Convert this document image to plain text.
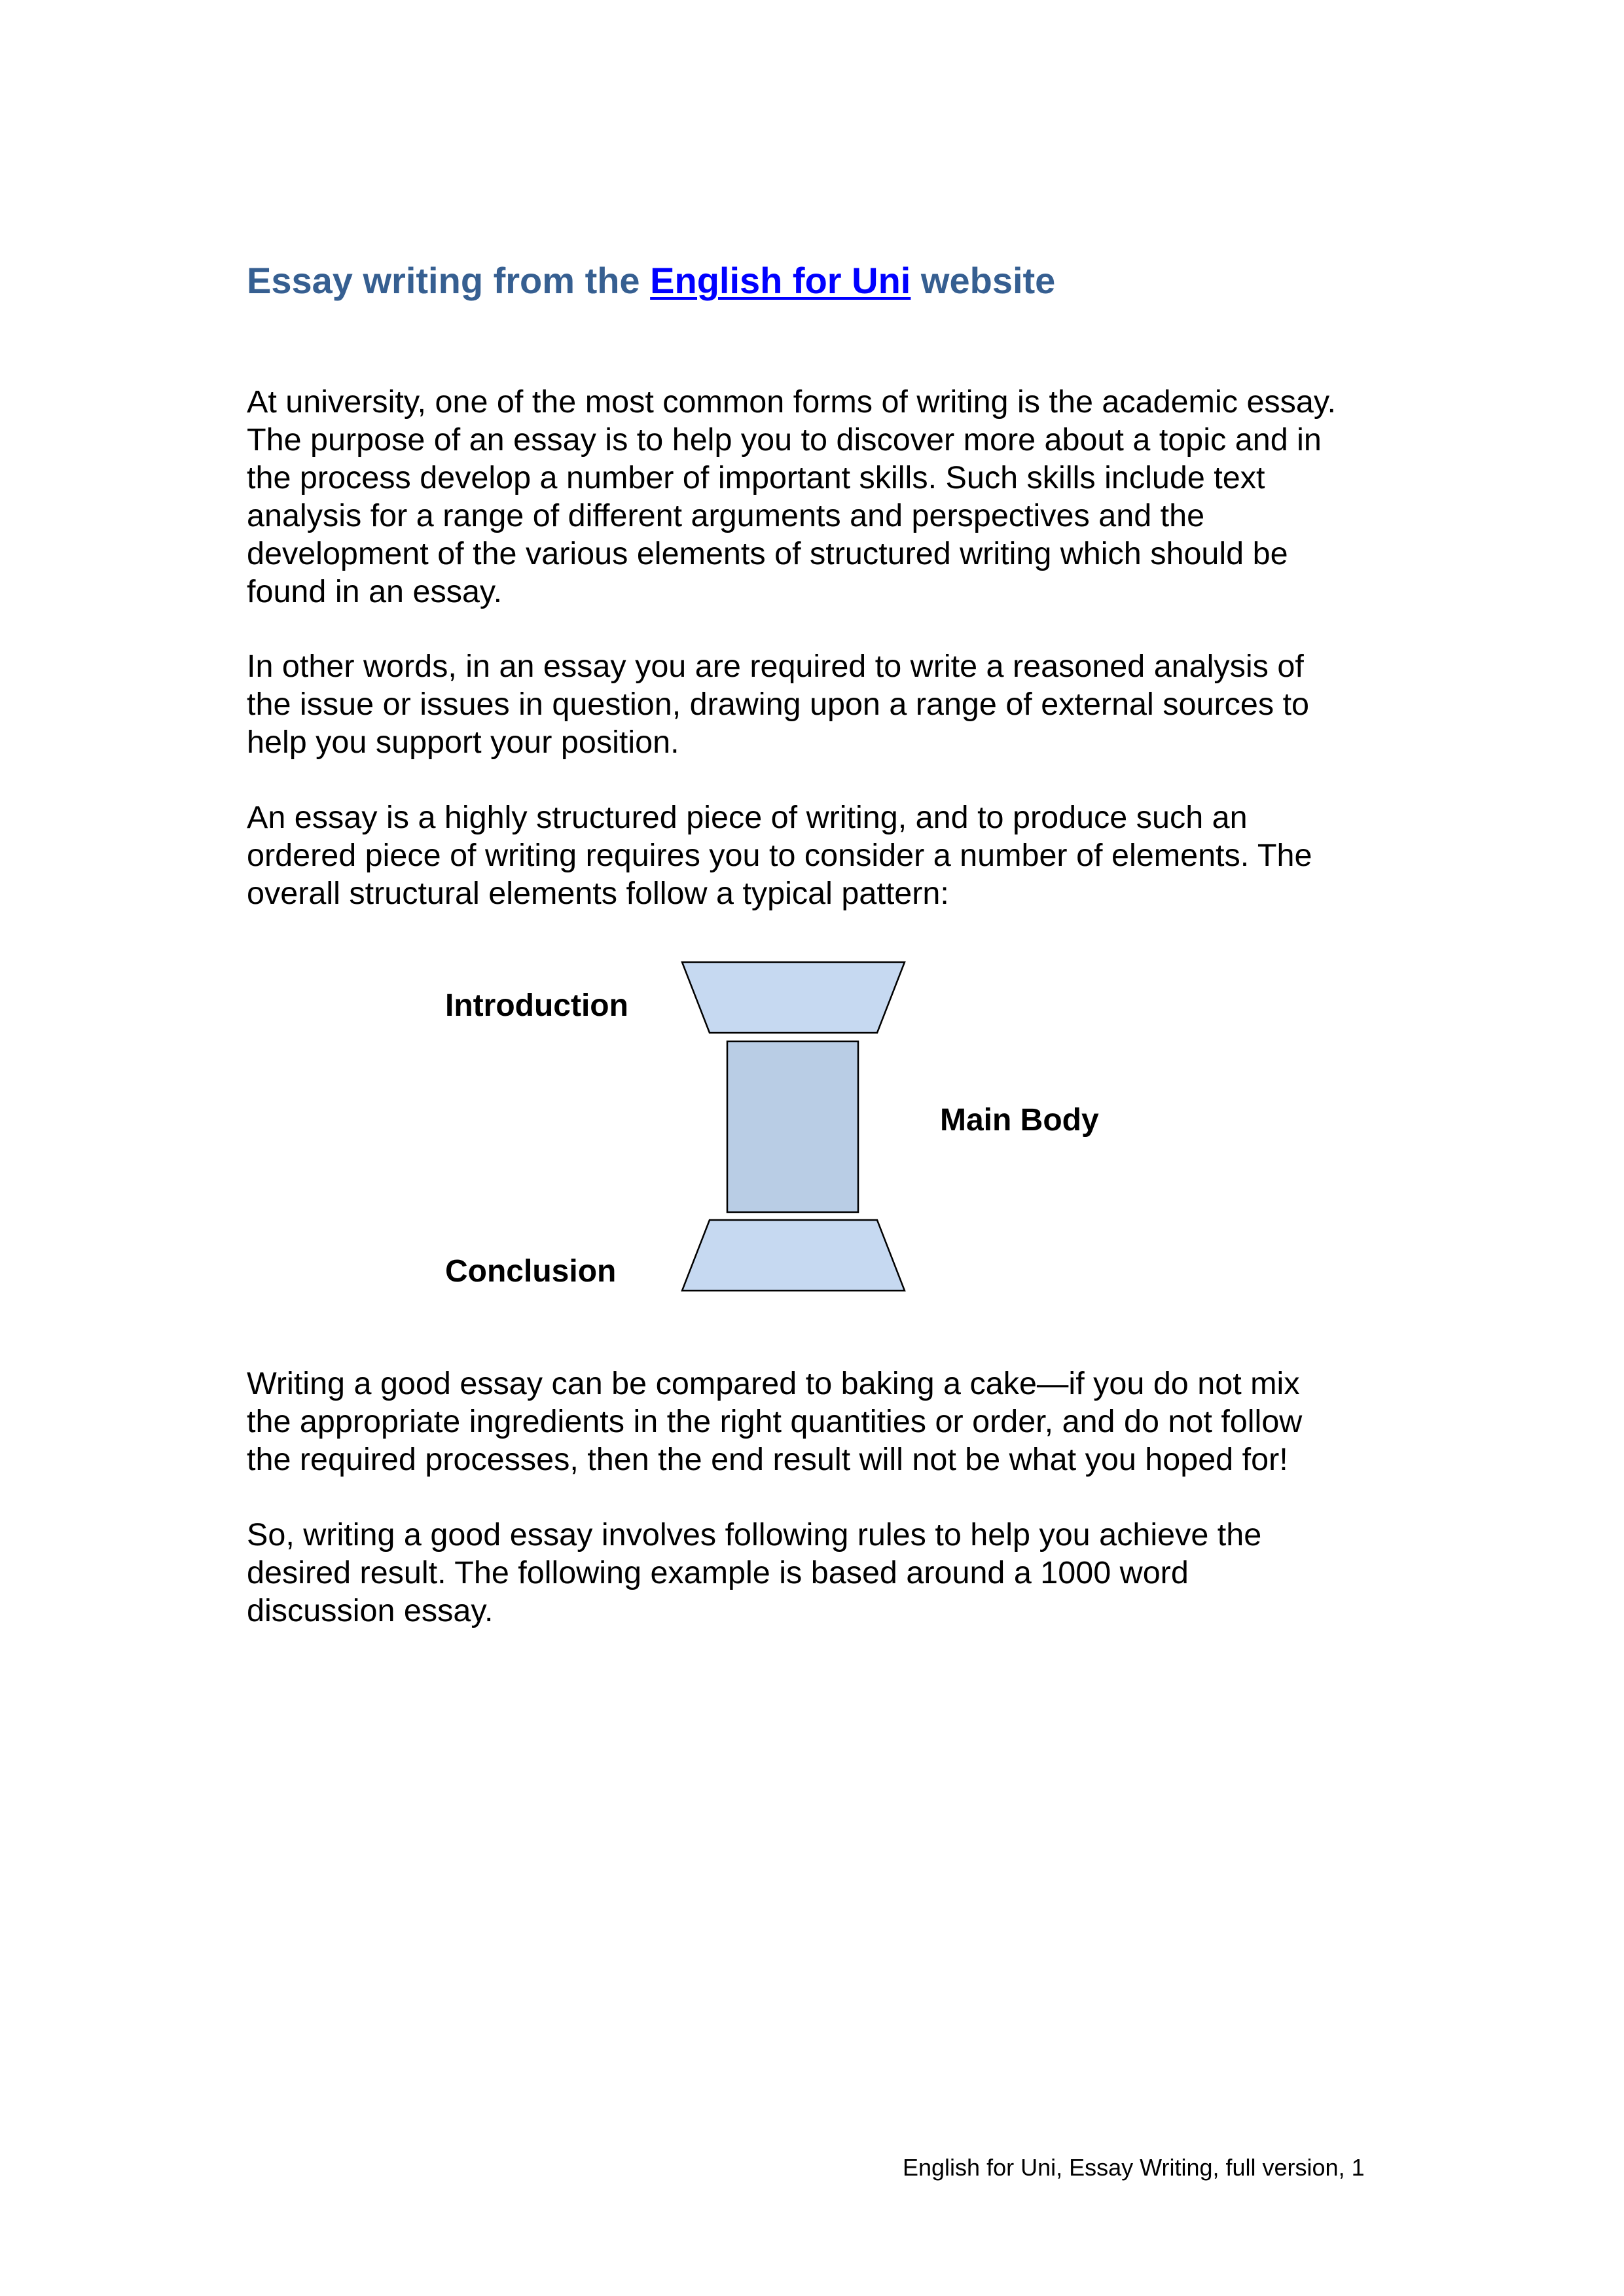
Essay writing from the English for Uni website

At university, one of the most common forms of writing is the academic essay.
The purpose of an essay is to help you to discover more about a topic and in
the process develop a number of important skills. Such skills include text
analysis for a range of different arguments and perspectives and the
development of the various elements of structured writing which should be
found in an essay.

In other words, in an essay you are required to write a reasoned analysis of
the issue or issues in question, drawing upon a range of external sources to
help you support your position.

An essay is a highly structured piece of writing, and to produce such an
ordered piece of writing requires you to consider a number of elements. The
overall structural elements follow a typical pattern:

Introduction
Main Body
Conclusion

Writing a good essay can be compared to baking a cake—if you do not mix
the appropriate ingredients in the right quantities or order, and do not follow
the required processes, then the end result will not be what you hoped for!

So, writing a good essay involves following rules to help you achieve the
desired result. The following example is based around a 1000 word
discussion essay.

English for Uni, Essay Writing, full version, 1
